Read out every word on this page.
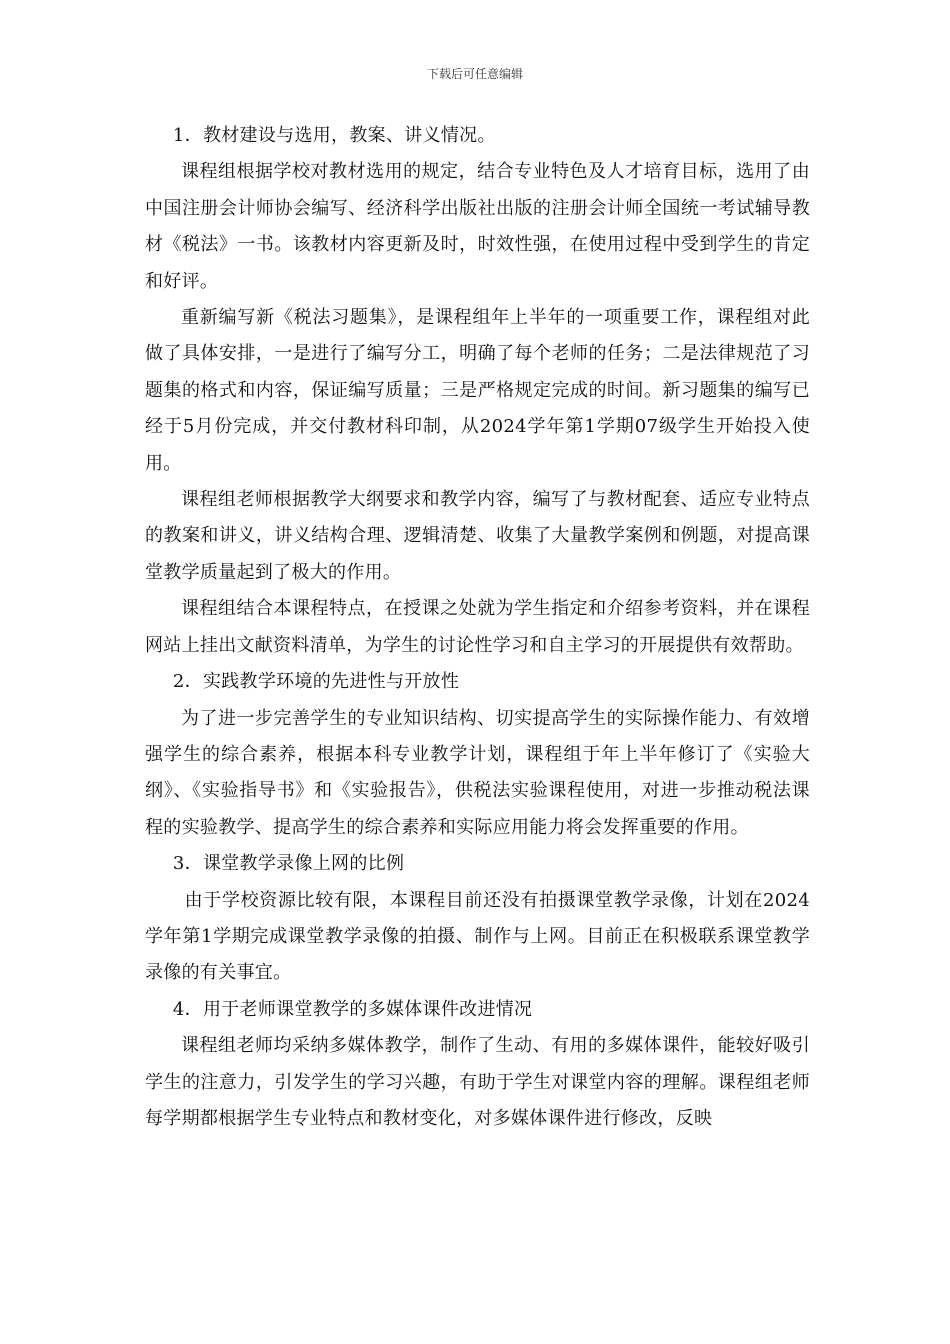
下载后可任意编辑

1．教材建设与选用，教案、讲义情况。

课程组根据学校对教材选用的规定，结合专业特色及人才培育目标，选用了由中国注册会计师协会编写、经济科学出版社出版的注册会计师全国统一考试辅导教材《税法》一书。该教材内容更新及时，时效性强，在使用过程中受到学生的肯定和好评。

重新编写新《税法习题集》，是课程组年上半年的一项重要工作，课程组对此做了具体安排，一是进行了编写分工，明确了每个老师的任务；二是法律规范了习题集的格式和内容，保证编写质量；三是严格规定完成的时间。新习题集的编写已经于5月份完成，并交付教材科印制，从2024学年第1学期07级学生开始投入使用。

课程组老师根据教学大纲要求和教学内容，编写了与教材配套、适应专业特点的教案和讲义，讲义结构合理、逻辑清楚、收集了大量教学案例和例题，对提高课堂教学质量起到了极大的作用。

课程组结合本课程特点，在授课之处就为学生指定和介绍参考资料，并在课程网站上挂出文献资料清单，为学生的讨论性学习和自主学习的开展提供有效帮助。

2．实践教学环境的先进性与开放性

为了进一步完善学生的专业知识结构、切实提高学生的实际操作能力、有效增强学生的综合素养，根据本科专业教学计划，课程组于年上半年修订了《实验大纲》、《实验指导书》和《实验报告》，供税法实验课程使用，对进一步推动税法课程的实验教学、提高学生的综合素养和实际应用能力将会发挥重要的作用。

3．课堂教学录像上网的比例

由于学校资源比较有限，本课程目前还没有拍摄课堂教学录像，计划在2024学年第1学期完成课堂教学录像的拍摄、制作与上网。目前正在积极联系课堂教学录像的有关事宜。

4．用于老师课堂教学的多媒体课件改进情况

课程组老师均采纳多媒体教学，制作了生动、有用的多媒体课件，能较好吸引学生的注意力，引发学生的学习兴趣，有助于学生对课堂内容的理解。课程组老师每学期都根据学生专业特点和教材变化，对多媒体课件进行修改，反映
